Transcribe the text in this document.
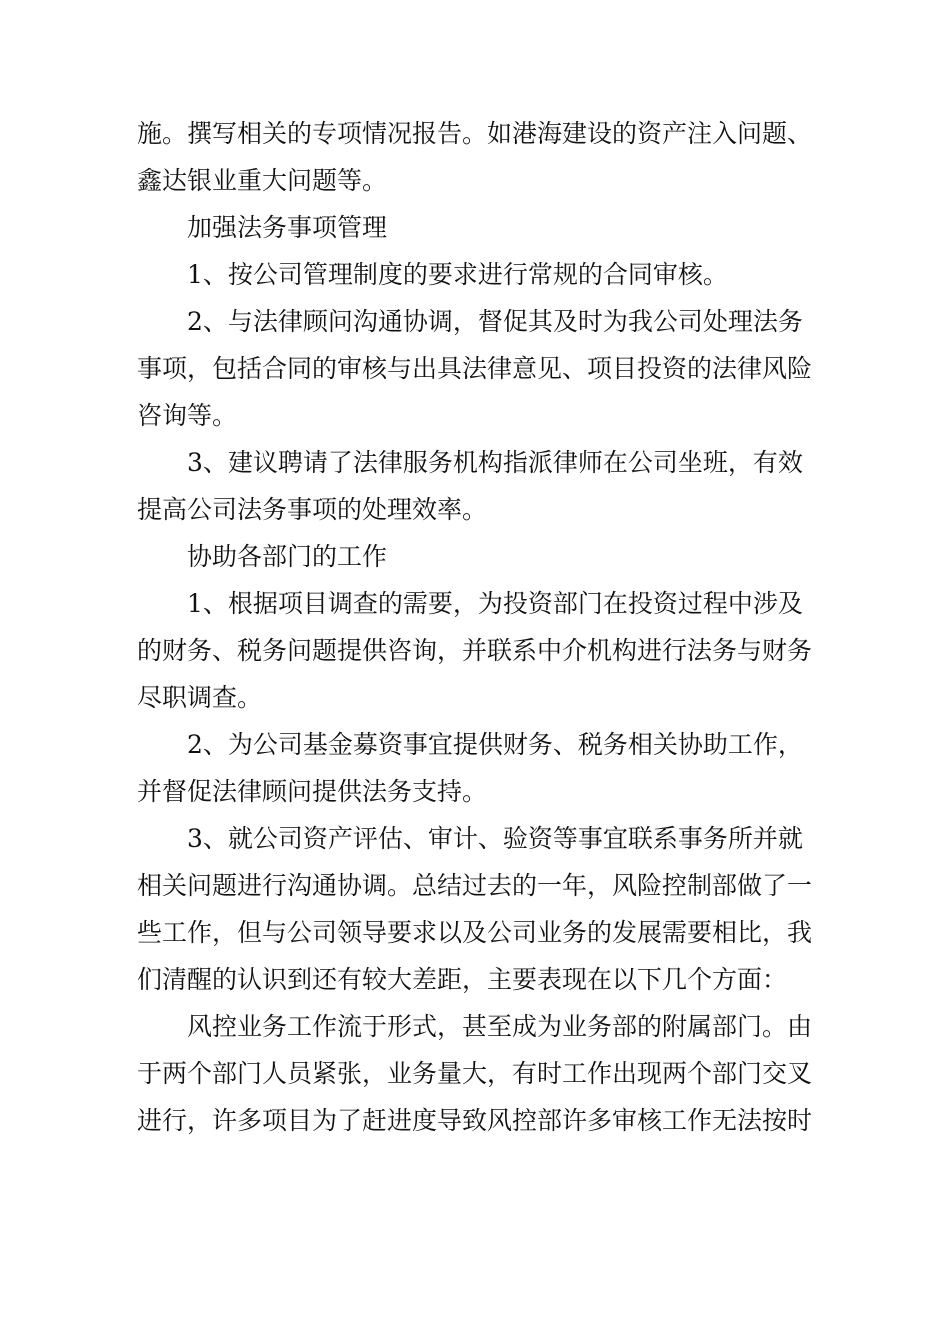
施。撰写相关的专项情况报告。如港海建设的资产注入问题、
鑫达银业重大问题等。
加强法务事项管理
1、按公司管理制度的要求进行常规的合同审核。
2、与法律顾问沟通协调，督促其及时为我公司处理法务
事项，包括合同的审核与出具法律意见、项目投资的法律风险
咨询等。
3、建议聘请了法律服务机构指派律师在公司坐班，有效
提高公司法务事项的处理效率。
协助各部门的工作
1、根据项目调查的需要，为投资部门在投资过程中涉及
的财务、税务问题提供咨询，并联系中介机构进行法务与财务
尽职调查。
2、为公司基金募资事宜提供财务、税务相关协助工作，
并督促法律顾问提供法务支持。
3、就公司资产评估、审计、验资等事宜联系事务所并就
相关问题进行沟通协调。总结过去的一年，风险控制部做了一
些工作，但与公司领导要求以及公司业务的发展需要相比，我
们清醒的认识到还有较大差距，主要表现在以下几个方面：
风控业务工作流于形式，甚至成为业务部的附属部门。由
于两个部门人员紧张，业务量大，有时工作出现两个部门交叉
进行，许多项目为了赶进度导致风控部许多审核工作无法按时
